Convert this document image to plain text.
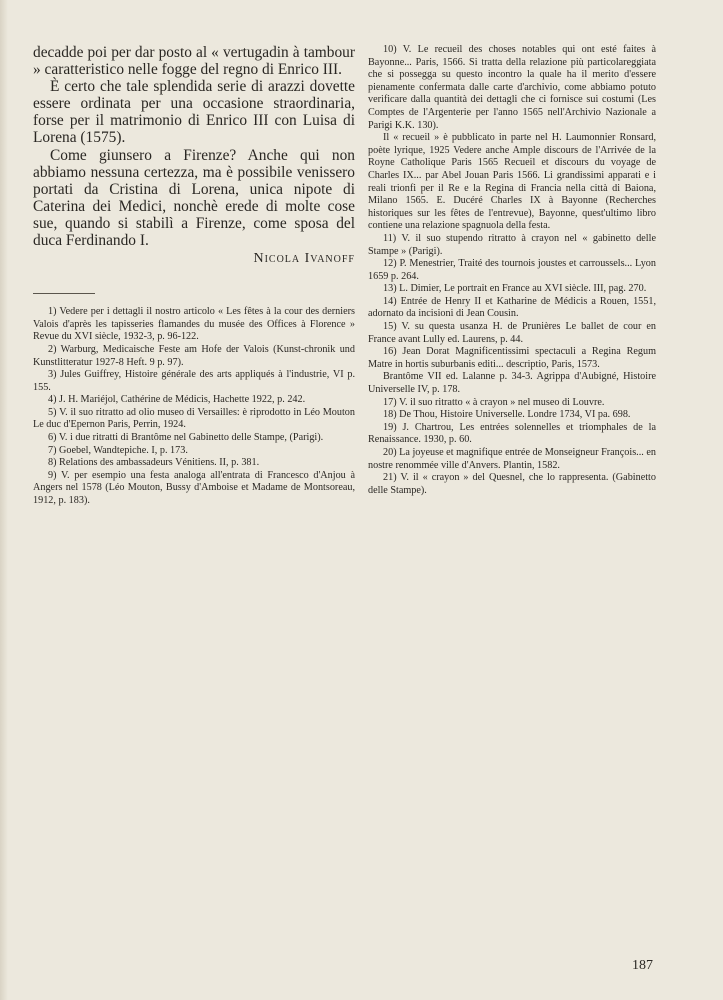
decadde poi per dar posto al « vertugadin à tambour » caratteristico nelle fogge del regno di Enrico III.

È certo che tale splendida serie di arazzi dovette essere ordinata per una occasione straordinaria, forse per il matrimonio di Enrico III con Luisa di Lorena (1575).

Come giunsero a Firenze? Anche qui non abbiamo nessuna certezza, ma è possibile venissero portati da Cristina di Lorena, unica nipote di Caterina dei Medici, nonchè erede di molte cose sue, quando si stabilì a Firenze, come sposa del duca Ferdinando I.

Nicola Ivanoff

1) Vedere per i dettagli il nostro articolo « Les fêtes à la cour des derniers Valois d'après les tapisseries flamandes du musée des Offices à Florence » Revue du XVI siècle, 1932-3, p. 96-122.

2) Warburg, Medicaische Feste am Hofe der Valois (Kunst-chronik und Kunstlitteratur 1927-8 Heft. 9 p. 97).

3) Jules Guiffrey, Histoire générale des arts appliqués à l'industrie, VI p. 155.

4) J. H. Mariéjol, Cathérine de Médicis, Hachette 1922, p. 242.

5) V. il suo ritratto ad olio museo di Versailles: è riprodotto in Léo Mouton Le duc d'Epernon Paris, Perrin, 1924.

6) V. i due ritratti di Brantôme nel Gabinetto delle Stampe, (Parigi).

7) Goebel, Wandtepiche. I, p. 173.

8) Relations des ambassadeurs Vénitiens. II, p. 381.

9) V. per esempio una festa analoga all'entrata di Francesco d'Anjou à Angers nel 1578 (Léo Mouton, Bussy d'Amboise et Madame de Montsoreau, 1912, p. 183).

10) V. Le recueil des choses notables qui ont esté faites à Bayonne... Paris, 1566. Si tratta della relazione più particolareggiata che si possegga su questo incontro la quale ha il merito d'essere pienamente confermata dalle carte d'archivio, come abbiamo potuto verificare dalla quantità dei dettagli che ci fornisce sui costumi (Les Comptes de l'Argenterie per l'anno 1565 nell'Archivio Nazionale a Parigi K.K. 130).

Il « recueil » è pubblicato in parte nel H. Laumonnier Ronsard, poète lyrique, 1925 Vedere anche Ample discours de l'Arrivée de la Royne Catholique Paris 1565 Recueil et discours du voyage de Charles IX... par Abel Jouan Paris 1566. Li grandissimi apparati e i reali trionfi per il Re e la Regina di Francia nella città di Baiona, Milano 1565. E. Ducéré Charles IX à Bayonne (Recherches historiques sur les fêtes de l'entrevue), Bayonne, quest'ultimo libro contiene una relazione spagnuola della festa.

11) V. il suo stupendo ritratto à crayon nel « gabinetto delle Stampe » (Parigi).

12) P. Menestrier, Traité des tournois joustes et carroussels... Lyon 1659 p. 264.

13) L. Dimier, Le portrait en France au XVI siècle. III, pag. 270.

14) Entrée de Henry II et Katharine de Médicis a Rouen, 1551, adornato da incisioni di Jean Cousin.

15) V. su questa usanza H. de Prunières Le ballet de cour en France avant Lully ed. Laurens, p. 44.

16) Jean Dorat Magnificentissimi spectaculi a Regina Regum Matre in hortis suburbanis editi... descriptio, Paris, 1573.

Brantôme VII ed. Lalanne p. 34-3. Agrippa d'Aubigné, Histoire Universelle IV, p. 178.

17) V. il suo ritratto « à crayon » nel museo di Louvre.

18) De Thou, Histoire Universelle. Londre 1734, VI pa. 698.

19) J. Chartrou, Les entrées solennelles et triomphales de la Renaissance. 1930, p. 60.

20) La joyeuse et magnifique entrée de Monseigneur François... en nostre renommée ville d'Anvers. Plantin, 1582.

21) V. il « crayon » del Quesnel, che lo rappresenta. (Gabinetto delle Stampe).

187
